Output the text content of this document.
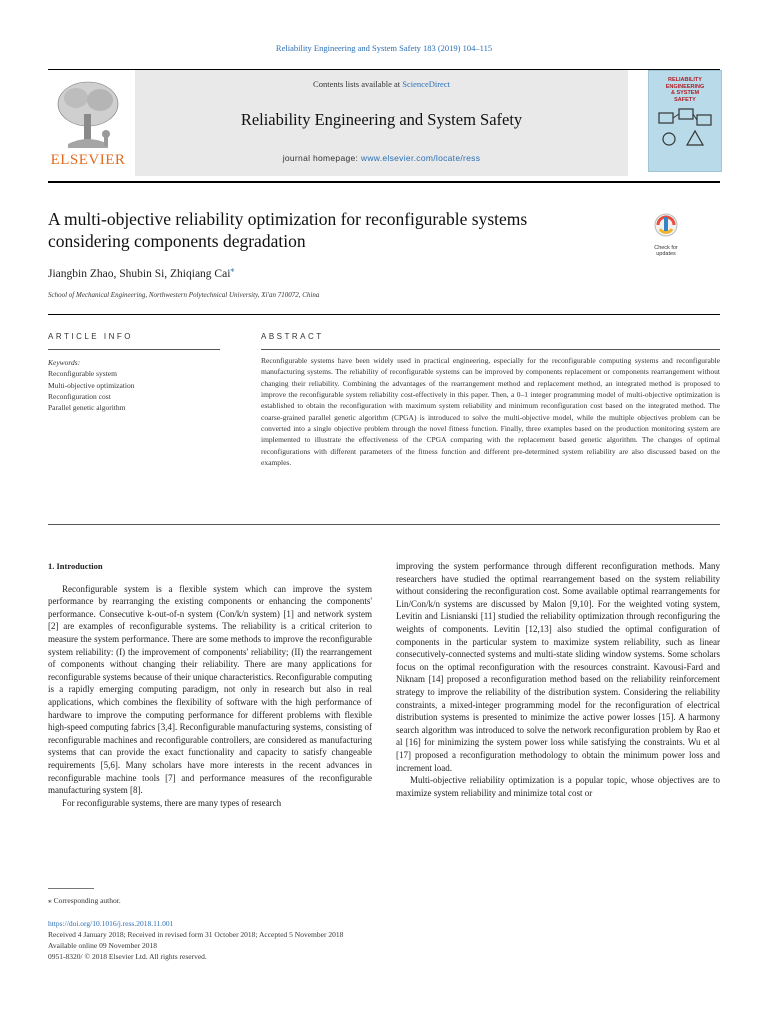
Reliability Engineering and System Safety 183 (2019) 104–115
ELSEVIER
Contents lists available at ScienceDirect
Reliability Engineering and System Safety
journal homepage: www.elsevier.com/locate/ress
RELIABILITY
ENGINEERING
& SYSTEM
SAFETY
A multi-objective reliability optimization for reconfigurable systems
considering components degradation	Check for
updates
Jiangbin Zhao, Shubin Si, Zhiqiang Cai⁎
School of Mechanical Engineering, Northwestern Polytechnical University, Xi'an 710072, China
ARTICLE INFO	ABSTRACT
Keywords:
Reconfigurable system
Multi-objective optimization
Reconfiguration cost
Parallel genetic algorithm
Reconfigurable systems have been widely used in practical engineering, especially for the reconfigurable computing systems and reconfigurable manufacturing systems. The reliability of reconfigurable systems can be improved by components replacement or components rearrangement without changing their reliability. Combining the advantages of the rearrangement method and replacement method, an integrated method is proposed to improve the reconfigurable system reliability cost-effectively in this paper. Then, a 0–1 integer programming model of multi-objective optimization is established to obtain the reconfiguration with maximum system reliability and minimum reconfiguration cost based on the integrated method. The coarse-grained parallel genetic algorithm (CPGA) is introduced to solve the multi-objective model, while the multiple objectives problem can be converted into a single objective problem through the novel fitness function. Finally, three examples based on the production monitoring system are implemented to illustrate the effectiveness of the CPGA comparing with the replacement based genetic algorithm. The changes of optimal reconfigurations with different parameters of the fitness function and different pre-determined system reliability are also discussed based on the examples.

1. Introduction

Reconfigurable system is a flexible system which can improve the system performance by rearranging the existing components or enhancing the components' performance. Consecutive k-out-of-n system (Con/k/n system) [1] and network system [2] are examples of reconfigurable systems. The reliability is a critical criterion to measure the system performance. There are some methods to improve the reconfigurable system reliability: (I) the improvement of components' reliability; (II) the rearrangement of components without changing their reliability. There are many applications for reconfigurable systems because of their unique characteristics. Reconfigurable computing is a rapidly emerging computing paradigm, not only in research but also in real applications, which combines the flexibility of software with the high performance of hardware to improve the computing performance for different problems with flexible high-speed computing fabrics [3,4]. Reconfigurable manufacturing systems, consisting of reconfigurable machines and reconfigurable controllers, are considered as manufacturing systems that can provide the exact functionality and capacity to satisfy changeable requirements [5,6]. Many scholars have more interests in the recent advances in reconfigurable machine tools [7] and performance measures of the reconfigurable manufacturing system [8].

For reconfigurable systems, there are many types of research

improving the system performance through different reconfiguration methods. Many researchers have studied the optimal rearrangement based on the system reliability without considering the reconfiguration cost. Some available optimal rearrangements for Lin/Con/k/n systems are discussed by Malon [9,10]. For the weighted voting system, Levitin and Lisnianski [11] studied the reliability optimization through reconfiguring the weights of components. Levitin [12,13] also studied the optimal configuration of components in the particular system to maximize system reliability, such as linear consecutively-connected systems and multi-state sliding window systems. Some scholars focus on the optimal reconfiguration with the resources constraint. Kavousi-Fard and Niknam [14] proposed a reconfiguration method based on the reliability reinforcement strategy to improve the reliability of the distribution system. Considering the reliability constraints, a mixed-integer programming model for the reconfiguration of electrical distribution systems is presented to minimize the active power losses [15]. A harmony search algorithm was introduced to solve the network reconfiguration problem by Rao et al [16] for minimizing the system power loss while satisfying the constraints. Wu et al [17] proposed a reconfiguration methodology to obtain the minimum power loss and increment load.

Multi-objective reliability optimization is a popular topic, whose objectives are to maximize system reliability and minimize total cost or

⁎ Corresponding author.
https://doi.org/10.1016/j.ress.2018.11.001
Received 4 January 2018; Received in revised form 31 October 2018; Accepted 5 November 2018
Available online 09 November 2018
0951-8320/ © 2018 Elsevier Ltd. All rights reserved.
